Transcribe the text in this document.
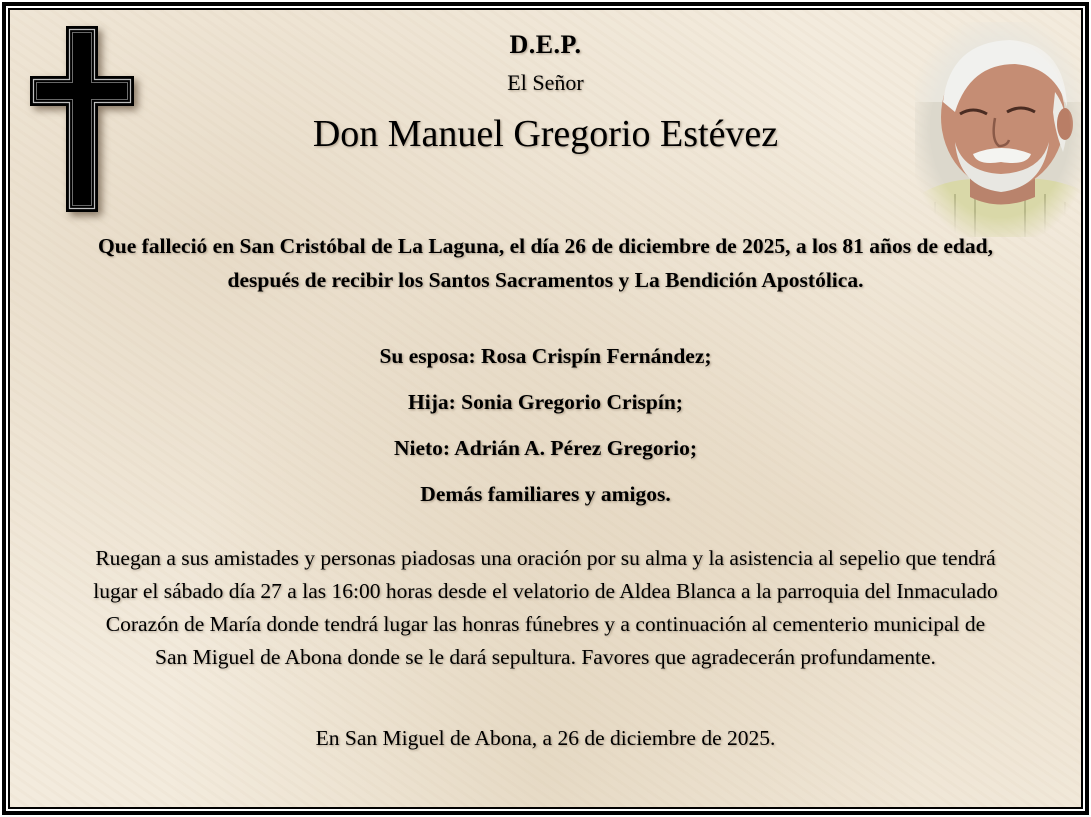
D.E.P.
El Señor
Don Manuel Gregorio Estévez
Que falleció en San Cristóbal de La Laguna, el día 26 de diciembre de 2025, a los 81 años de edad,
después de recibir los Santos Sacramentos y La Bendición Apostólica.
Su esposa: Rosa Crispín Fernández;
Hija: Sonia Gregorio Crispín;
Nieto: Adrián A. Pérez Gregorio;
Demás familiares y amigos.
Ruegan a sus amistades y personas piadosas una oración por su alma y la asistencia al sepelio que tendrá
lugar el sábado día 27 a las 16:00 horas desde el velatorio de Aldea Blanca a la parroquia del Inmaculado
Corazón de María donde tendrá lugar las honras fúnebres y a continuación al cementerio municipal de
San Miguel de Abona donde se le dará sepultura. Favores que agradecerán profundamente.
En San Miguel de Abona, a 26 de diciembre de 2025.
